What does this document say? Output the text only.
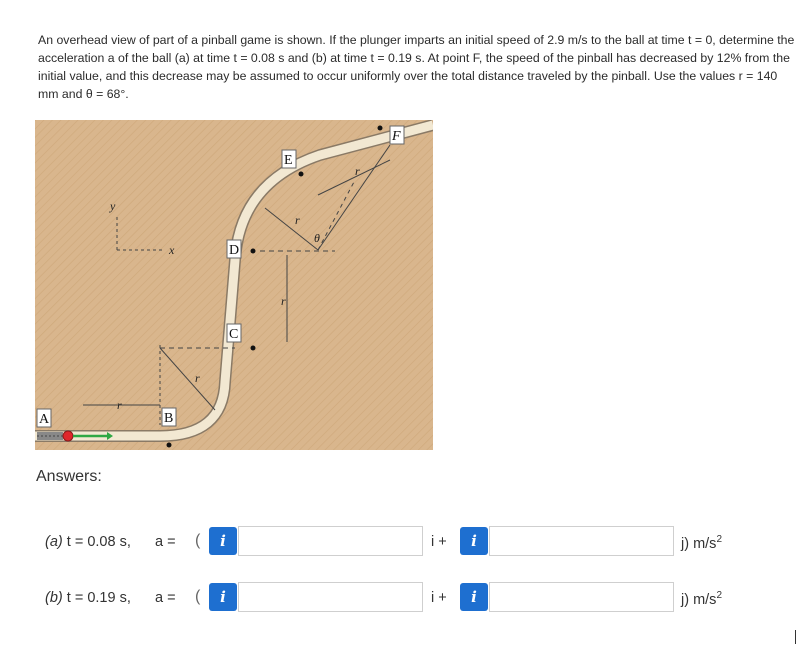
An overhead view of part of a pinball game is shown. If the plunger imparts an initial speed of 2.9 m/s to the ball at time t = 0, determine the acceleration a of the ball (a) at time t = 0.08 s and (b) at time t = 0.19 s. At point F, the speed of the pinball has decreased by 12% from the initial value, and this decrease may be assumed to occur uniformly over the total distance traveled by the pinball. Use the values r = 140 mm and θ = 68°.
A
y
x
r
r
B
C
D
r
E
r
r
θ
F
Answers:
(a) t = 0.08 s, a = (	i	i +	i	j) $m/s^2$
(b) t = 0.19 s, a = (	i	i +	i	j) $m/s^2$
